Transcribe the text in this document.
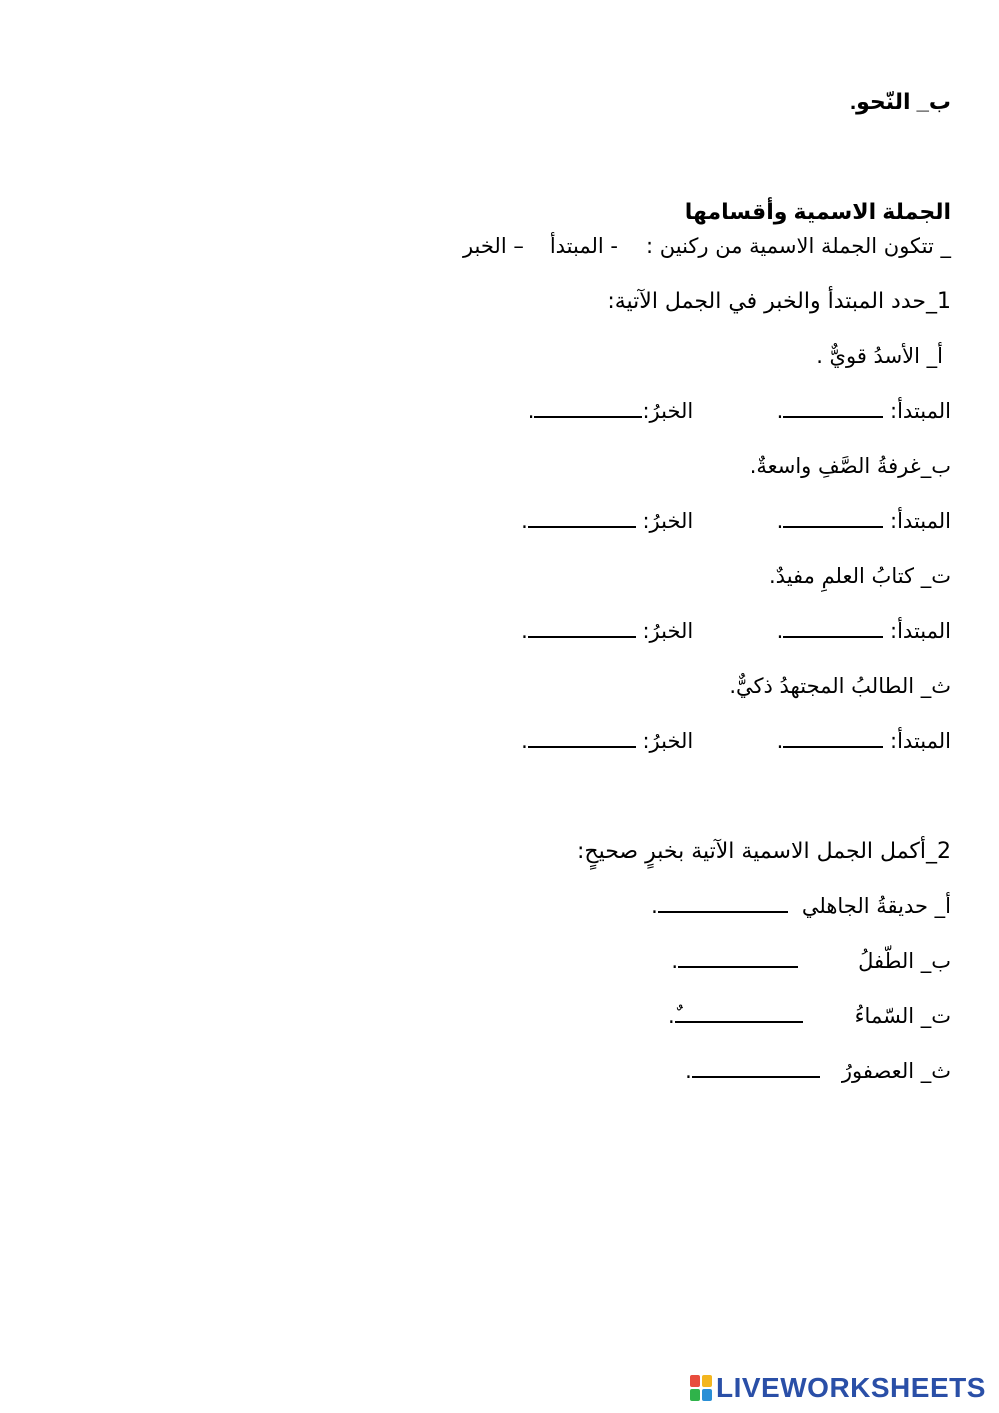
ب_ النّحو.
الجملة الاسمية وأقسامها
_ تتكون الجملة الاسمية من ركنين :- المبتدأ– الخبر
1_حدد المبتدأ والخبر في الجمل الآتية:
أ_ الأسدُ قويٌّ .
المبتدأ: .  الخبرُ:.
ب_غرفةُ الصَّفِ واسعةٌ.
المبتدأ: .  الخبرُ: .
ت_ كتابُ العلمِ مفيدٌ.
المبتدأ: .  الخبرُ: .
ث_ الطالبُ المجتهدُ ذكيٌّ.
المبتدأ: .  الخبرُ: .
2_أكمل الجمل الاسمية الآتية بخبرٍ صحيحٍ:
أ_ حديقةُ الجاهلي.
ب_ الطّفلُ.
ت_ السّماءٌُ.
ث_ العصفورُ.
LIVEWORKSHEETS
